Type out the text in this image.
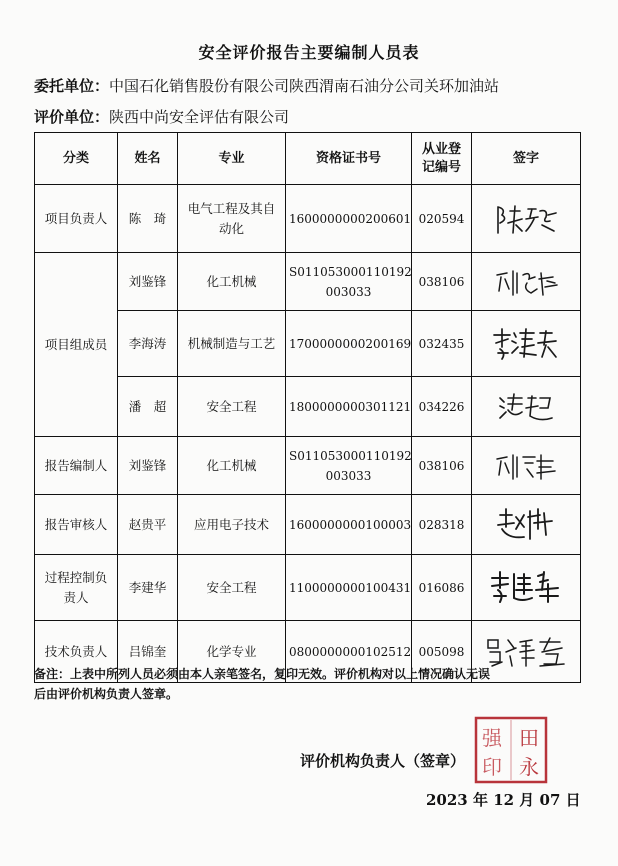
安全评价报告主要编制人员表
委托单位：中国石化销售股份有限公司陕西渭南石油分公司关环加油站
评价单位：陕西中尚安全评估有限公司
分类	姓名	专业	资格证书号	从业登
记编号	签字
项目负责人	陈　琦	电气工程及其自
动化	1600000000200601	020594	

项目组成员	刘鉴锋	化工机械	S011053000110192
003033	038106	

	李海涛	机械制造与工艺	1700000000200169	032435	

	潘　超	安全工程	1800000000301121	034226	

报告编制人	刘鉴锋	化工机械	S011053000110192
003033	038106	

报告审核人	赵贵平	应用电子技术	1600000000100003	028318	

过程控制负
责人	李建华	安全工程	1100000000100431	016086	

技术负责人	吕锦奎	化学专业	0800000000102512	005098	
备注：上表中所列人员必须由本人亲笔签名，复印无效。评价机构对以上情况确认无误
后由评价机构负责人签章。
评价机构负责人（签章）
强 田
印 永
2023 年 12 月 07 日
